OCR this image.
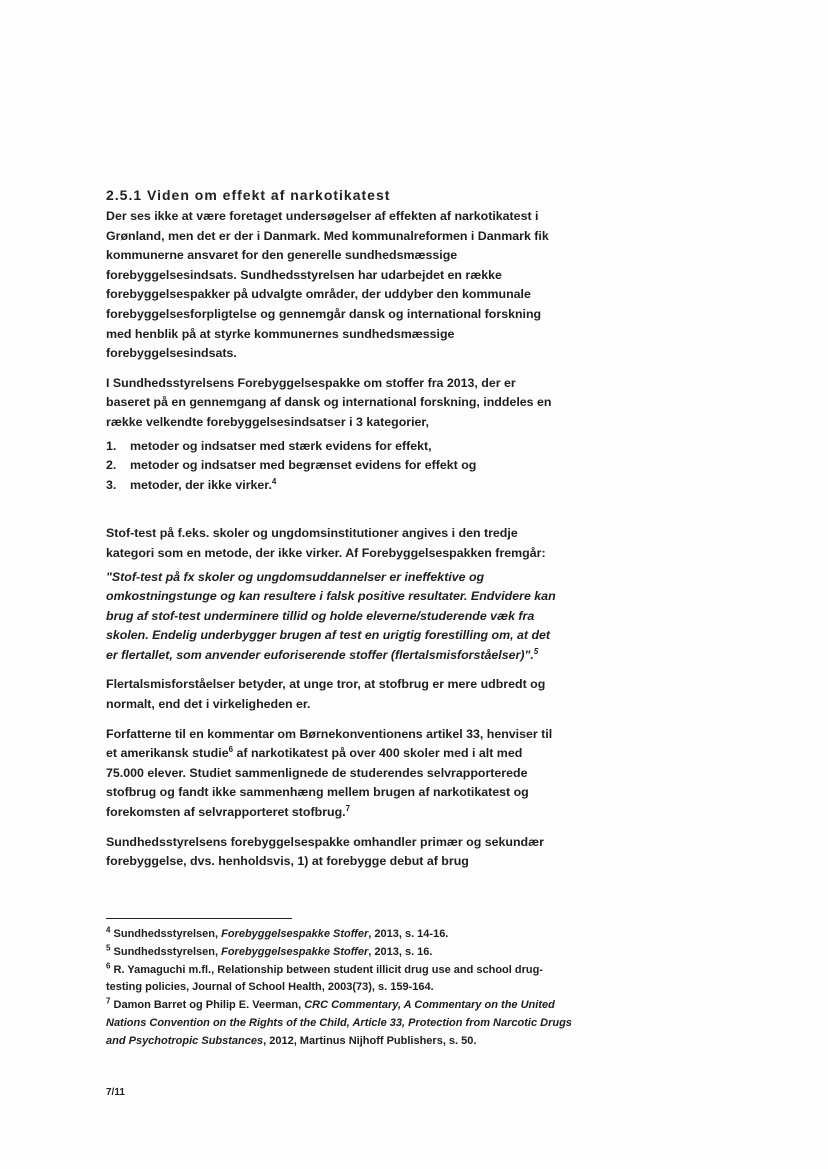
2.5.1 Viden om effekt af narkotikatest

Der ses ikke at være foretaget undersøgelser af effekten af narkotikatest i Grønland, men det er der i Danmark. Med kommunalreformen i Danmark fik kommunerne ansvaret for den generelle sundhedsmæssige forebyggelsesindsats. Sundhedsstyrelsen har udarbejdet en række forebyggelsespakker på udvalgte områder, der uddyber den kommunale forebyggelsesforpligtelse og gennemgår dansk og international forskning med henblik på at styrke kommunernes sundhedsmæssige forebyggelsesindsats.

I Sundhedsstyrelsens Forebyggelsespakke om stoffer fra 2013, der er baseret på en gennemgang af dansk og international forskning, inddeles en række velkendte forebyggelsesindsatser i 3 kategorier,

1. metoder og indsatser med stærk evidens for effekt,
2. metoder og indsatser med begrænset evidens for effekt og
3. metoder, der ikke virker.$^4$

Stof-test på f.eks. skoler og ungdomsinstitutioner angives i den tredje kategori som en metode, der ikke virker. Af Forebyggelsespakken fremgår:

"Stof-test på fx skoler og ungdomsuddannelser er ineffektive og omkostningstunge og kan resultere i falsk positive resultater. Endvidere kan brug af stof-test underminere tillid og holde eleverne/studerende væk fra skolen. Endelig underbygger brugen af test en urigtig forestilling om, at det er flertallet, som anvender euforiserende stoffer (flertalsmisforståelser)".$^5$

Flertalsmisforståelser betyder, at unge tror, at stofbrug er mere udbredt og normalt, end det i virkeligheden er.

Forfatterne til en kommentar om Børnekonventionens artikel 33, henviser til et amerikansk studie$^6$ af narkotikatest på over 400 skoler med i alt med 75.000 elever. Studiet sammenlignede de studerendes selvrapporterede stofbrug og fandt ikke sammenhæng mellem brugen af narkotikatest og forekomsten af selvrapporteret stofbrug.$^7$

Sundhedsstyrelsens forebyggelsespakke omhandler primær og sekundær forebyggelse, dvs. henholdsvis, 1) at forebygge debut af brug

$^4$ Sundhedsstyrelsen, Forebyggelsespakke Stoffer, 2013, s. 14-16.

$^5$ Sundhedsstyrelsen, Forebyggelsespakke Stoffer, 2013, s. 16.

$^6$ R. Yamaguchi m.fl., Relationship between student illicit drug use and school drug-testing policies, Journal of School Health, 2003(73), s. 159-164.

$^7$ Damon Barret og Philip E. Veerman, CRC Commentary, A Commentary on the United Nations Convention on the Rights of the Child, Article 33, Protection from Narcotic Drugs and Psychotropic Substances, 2012, Martinus Nijhoff Publishers, s. 50.

7/11
